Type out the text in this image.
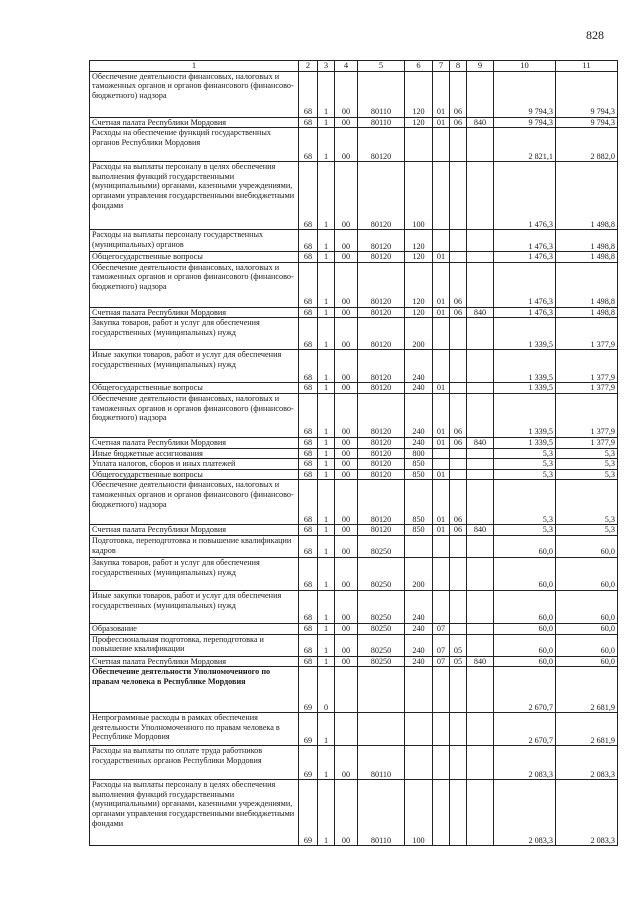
828
1	2	3	4	5	6	7	8	9	10	11
Обеспечение деятельности финансовых, налоговых и таможенных органов и органов финансового (финансово-бюджетного) надзора	68	1	00	80110	120	01	06		9 794,3	9 794,3
Счетная палата Республики Мордовия	68	1	00	80110	120	01	06	840	9 794,3	9 794,3
Расходы на обеспечение функций государственных органов Республики Мордовия	68	1	00	80120					2 821,1	2 882,0
Расходы на выплаты персоналу в целях обеспечения выполнения функций государственными (муниципальными) органами, казенными учреждениями, органами управления государственными внебюджетными фондами	68	1	00	80120	100				1 476,3	1 498,8
Расходы на выплаты персоналу государственных (муниципальных) органов	68	1	00	80120	120				1 476,3	1 498,8
Общегосударственные вопросы	68	1	00	80120	120	01			1 476,3	1 498,8
Обеспечение деятельности финансовых, налоговых и таможенных органов и органов финансового (финансово-бюджетного) надзора	68	1	00	80120	120	01	06		1 476,3	1 498,8
Счетная палата Республики Мордовия	68	1	00	80120	120	01	06	840	1 476,3	1 498,8
Закупка товаров, работ и услуг для обеспечения государственных (муниципальных) нужд	68	1	00	80120	200				1 339,5	1 377,9
Иные закупки товаров, работ и услуг для обеспечения государственных (муниципальных) нужд	68	1	00	80120	240				1 339,5	1 377,9
Общегосударственные вопросы	68	1	00	80120	240	01			1 339,5	1 377,9
Обеспечение деятельности финансовых, налоговых и таможенных органов и органов финансового (финансово-бюджетного) надзора	68	1	00	80120	240	01	06		1 339,5	1 377,9
Счетная палата Республики Мордовия	68	1	00	80120	240	01	06	840	1 339,5	1 377,9
Иные бюджетные ассигнования	68	1	00	80120	800				5,3	5,3
Уплата налогов, сборов и иных платежей	68	1	00	80120	850				5,3	5,3
Общегосударственные вопросы	68	1	00	80120	850	01			5,3	5,3
Обеспечение деятельности финансовых, налоговых и таможенных органов и органов финансового (финансово-бюджетного) надзора	68	1	00	80120	850	01	06		5,3	5,3
Счетная палата Республики Мордовия	68	1	00	80120	850	01	06	840	5,3	5,3
Подготовка, переподготовка и повышение квалификации кадров	68	1	00	80250					60,0	60,0
Закупка товаров, работ и услуг для обеспечения государственных (муниципальных) нужд	68	1	00	80250	200				60,0	60,0
Иные закупки товаров, работ и услуг для обеспечения государственных (муниципальных) нужд	68	1	00	80250	240				60,0	60,0
Образование	68	1	00	80250	240	07			60,0	60,0
Профессиональная подготовка, переподготовка и повышение квалификации	68	1	00	80250	240	07	05		60,0	60,0
Счетная палата Республики Мордовия	68	1	00	80250	240	07	05	840	60,0	60,0
Обеспечение деятельности Уполномоченного по правам человека в Республике Мордовия	69	0							2 670,7	2 681,9
Непрограммные расходы в рамках обеспечения деятельности Уполномоченного по правам человека в Республике Мордовия	69	1							2 670,7	2 681,9
Расходы на выплаты по оплате труда работников государственных органов Республики Мордовия	69	1	00	80110					2 083,3	2 083,3
Расходы на выплаты персоналу в целях обеспечения выполнения функций государственными (муниципальными) органами, казенными учреждениями, органами управления государственными внебюджетными фондами	69	1	00	80110	100				2 083,3	2 083,3
